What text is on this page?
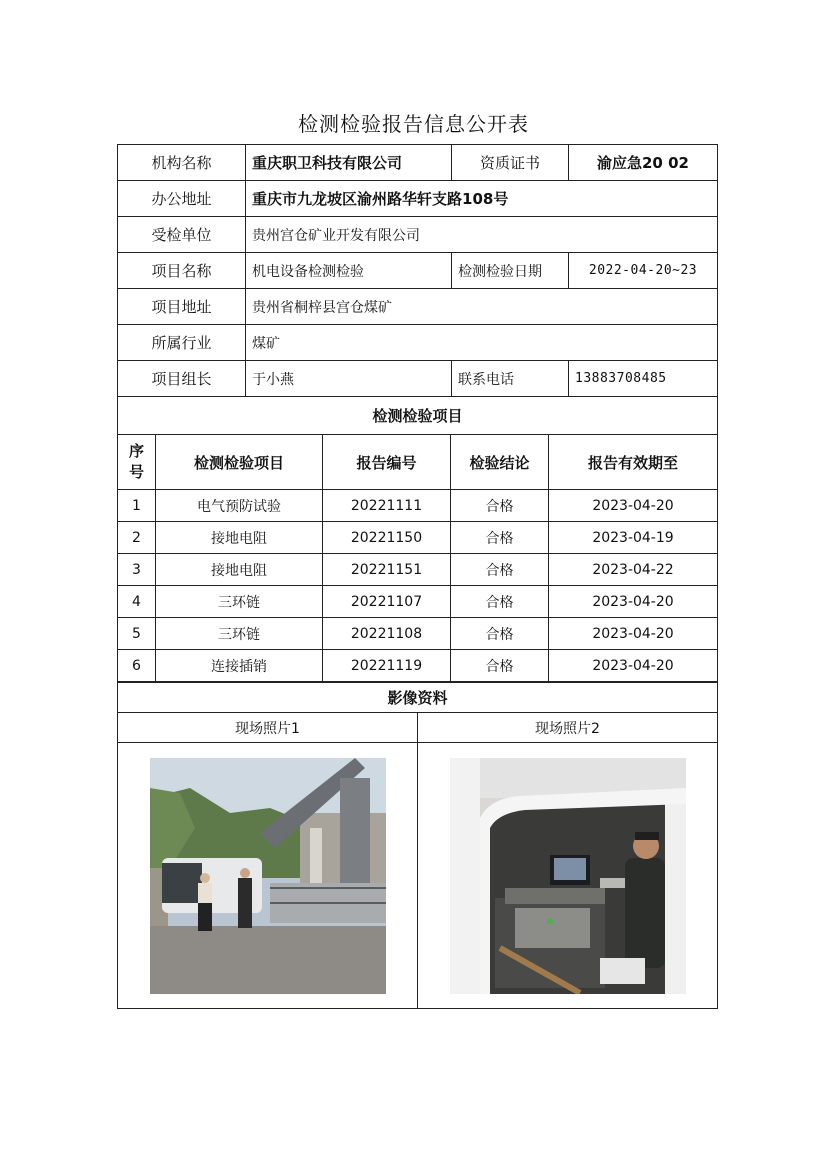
检测检验报告信息公开表
机构名称	重庆职卫科技有限公司	资质证书	渝应急20 02
办公地址	重庆市九龙坡区渝州路华轩支路108号		
受检单位	贵州宫仓矿业开发有限公司		
项目名称	机电设备检测检验	检测检验日期	2022-04-20~23
项目地址	贵州省桐梓县宫仓煤矿		
所属行业	煤矿		
项目组长	于小燕	联系电话	13883708485
检测检验项目				
序号	检测检验项目	报告编号	检验结论	报告有效期至
1	电气预防试验	20221111	合格	2023-04-20
2	接地电阻	20221150	合格	2023-04-19
3	接地电阻	20221151	合格	2023-04-22
4	三环链	20221107	合格	2023-04-20
5	三环链	20221108	合格	2023-04-20
6	连接插销	20221119	合格	2023-04-20
影像资料	
现场照片1	现场照片2
